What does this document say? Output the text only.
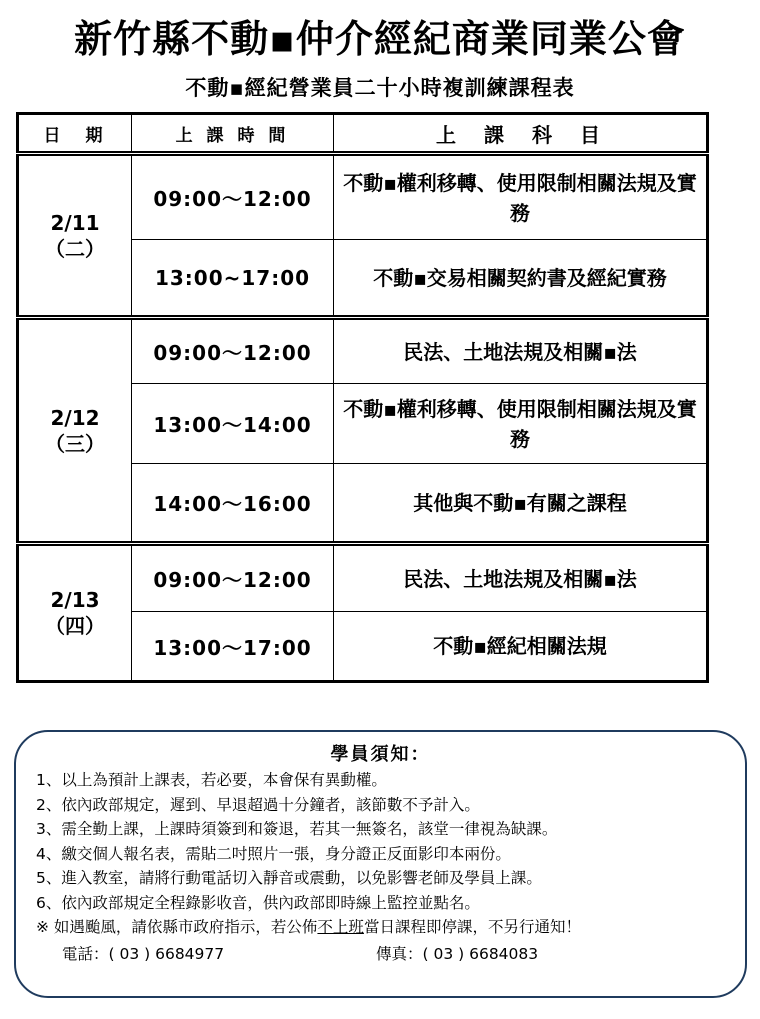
新竹縣不動▪仲介經紀商業同業公會
不動▪經紀營業員二十小時複訓練課程表
日　期	上 課 時 間	上　課　科　目

2/11
（二）	09:00～12:00	不動▪權利移轉、使用限制相關法規及實務
	13:00~17:00	不動▪交易相關契約書及經紀實務

2/12
（三）	09:00～12:00	民法、土地法規及相關▪法
	13:00～14:00	不動▪權利移轉、使用限制相關法規及實務
	14:00～16:00	其他與不動▪有關之課程

2/13
（四）	09:00～12:00	民法、土地法規及相關▪法
	13:00～17:00	不動▪經紀相關法規
學員須知：
1、以上為預計上課表，若必要，本會保有異動權。
2、依內政部規定，遲到、早退超過十分鐘者，該節數不予計入。
3、需全勤上課，上課時須簽到和簽退，若其一無簽名，該堂一律視為缺課。
4、繳交個人報名表，需貼二吋照片一張，身分證正反面影印本兩份。
5、進入教室，請將行動電話切入靜音或震動，以免影響老師及學員上課。
6、依內政部規定全程錄影收音，供內政部即時線上監控並點名。
※ 如遇颱風，請依縣市政府指示，若公佈不上班當日課程即停課，不另行通知！
電話：( 03 ) 6684977	傳真：( 03 ) 6684083
